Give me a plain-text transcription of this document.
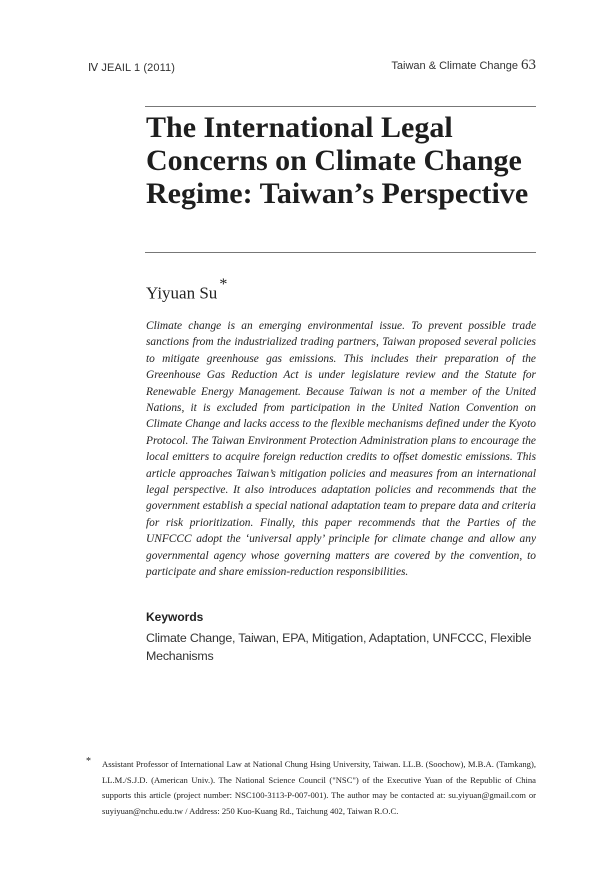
Ⅳ JEAIL 1 (2011)	Taiwan & Climate Change 63
The International Legal Concerns on Climate Change Regime: Taiwan’s Perspective
Yiyuan Su *

Climate change is an emerging environmental issue. To prevent possible trade sanctions from the industrialized trading partners, Taiwan proposed several policies to mitigate greenhouse gas emissions. This includes their preparation of the Greenhouse Gas Reduction Act is under legislature review and the Statute for Renewable Energy Management. Because Taiwan is not a member of the United Nations, it is excluded from participation in the United Nation Convention on Climate Change and lacks access to the flexible mechanisms defined under the Kyoto Protocol. The Taiwan Environment Protection Administration plans to encourage the local emitters to acquire foreign reduction credits to offset domestic emissions. This article approaches Taiwan’s mitigation policies and measures from an international legal perspective. It also introduces adaptation policies and recommends that the government establish a special national adaptation team to prepare data and criteria for risk prioritization. Finally, this paper recommends that the Parties of the UNFCCC adopt the ‘universal apply’ principle for climate change and allow any governmental agency whose governing matters are covered by the convention, to participate and share emission-reduction responsibilities.

Keywords
Climate Change, Taiwan, EPA, Mitigation, Adaptation, UNFCCC, Flexible Mechanisms
* Assistant Professor of International Law at National Chung Hsing University, Taiwan. LL.B. (Soochow), M.B.A. (Tamkang), LL.M./S.J.D. (American Univ.). The National Science Council ("NSC") of the Executive Yuan of the Republic of China supports this article (project number: NSC100-3113-P-007-001). The author may be contacted at: su.yiyuan@gmail.com or suyiyuan@nchu.edu.tw / Address: 250 Kuo-Kuang Rd., Taichung 402, Taiwan R.O.C.
